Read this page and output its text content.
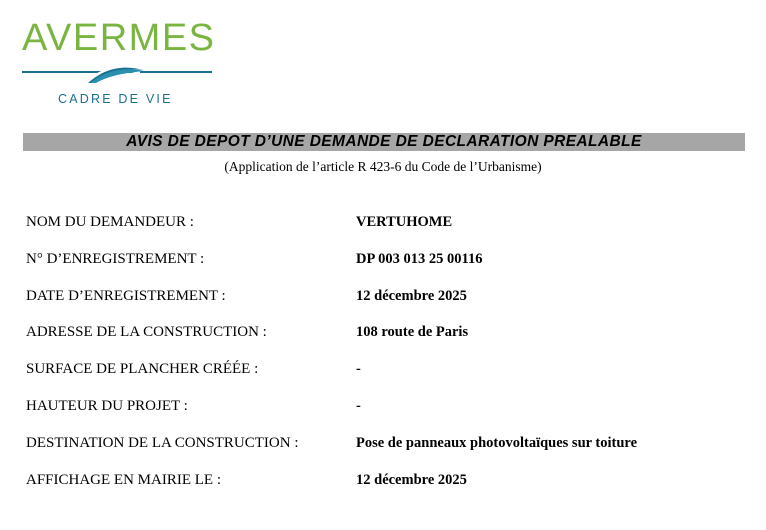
AVERMES
CADRE DE VIE
AVIS DE DEPOT D’UNE DEMANDE DE DECLARATION PREALABLE
(Application de l’article R 423-6 du Code de l’Urbanisme)
NOM DU DEMANDEUR :	VERTUHOME
N° D’ENREGISTREMENT :	DP 003 013 25 00116
DATE D’ENREGISTREMENT :	12 décembre 2025
ADRESSE DE LA CONSTRUCTION :	108 route de Paris
SURFACE DE PLANCHER CRÉÉE :	-
HAUTEUR DU PROJET :	-
DESTINATION DE LA CONSTRUCTION :	Pose de panneaux photovoltaïques sur toiture
AFFICHAGE EN MAIRIE LE :	12 décembre 2025
